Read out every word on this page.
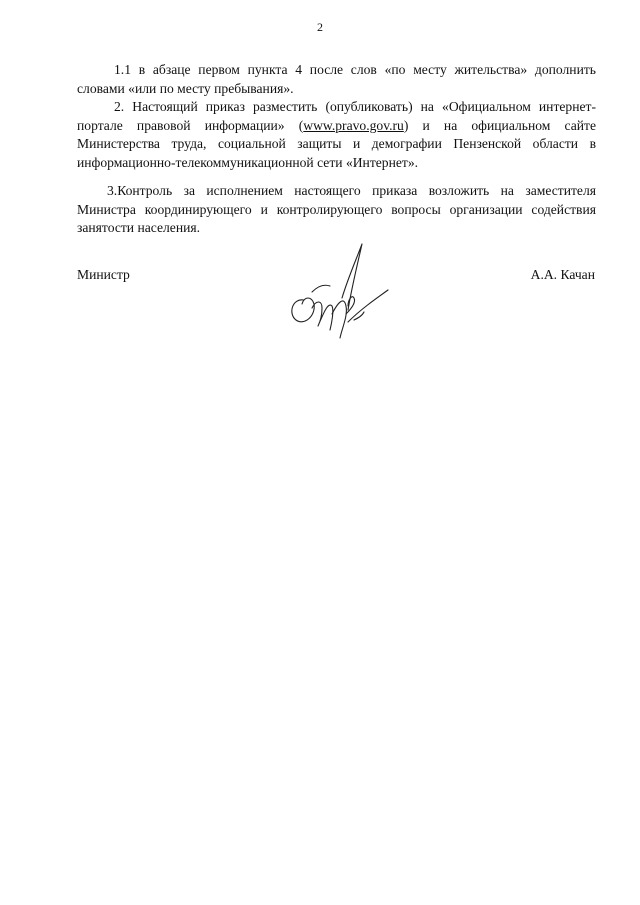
2

1.1 в абзаце первом пункта 4 после слов «по месту жительства» дополнить словами «или по месту пребывания».

2. Настоящий приказ разместить (опубликовать) на «Официальном интернет-портале правовой информации» (www.pravo.gov.ru) и на официальном сайте Министерства труда, социальной защиты и демографии Пензенской области в информационно-телекоммуникационной сети «Интернет».

3.Контроль за исполнением настоящего приказа возложить на заместителя Министра координирующего и контролирующего вопросы организации содействия занятости населения.

Министр	А.А. Качан
